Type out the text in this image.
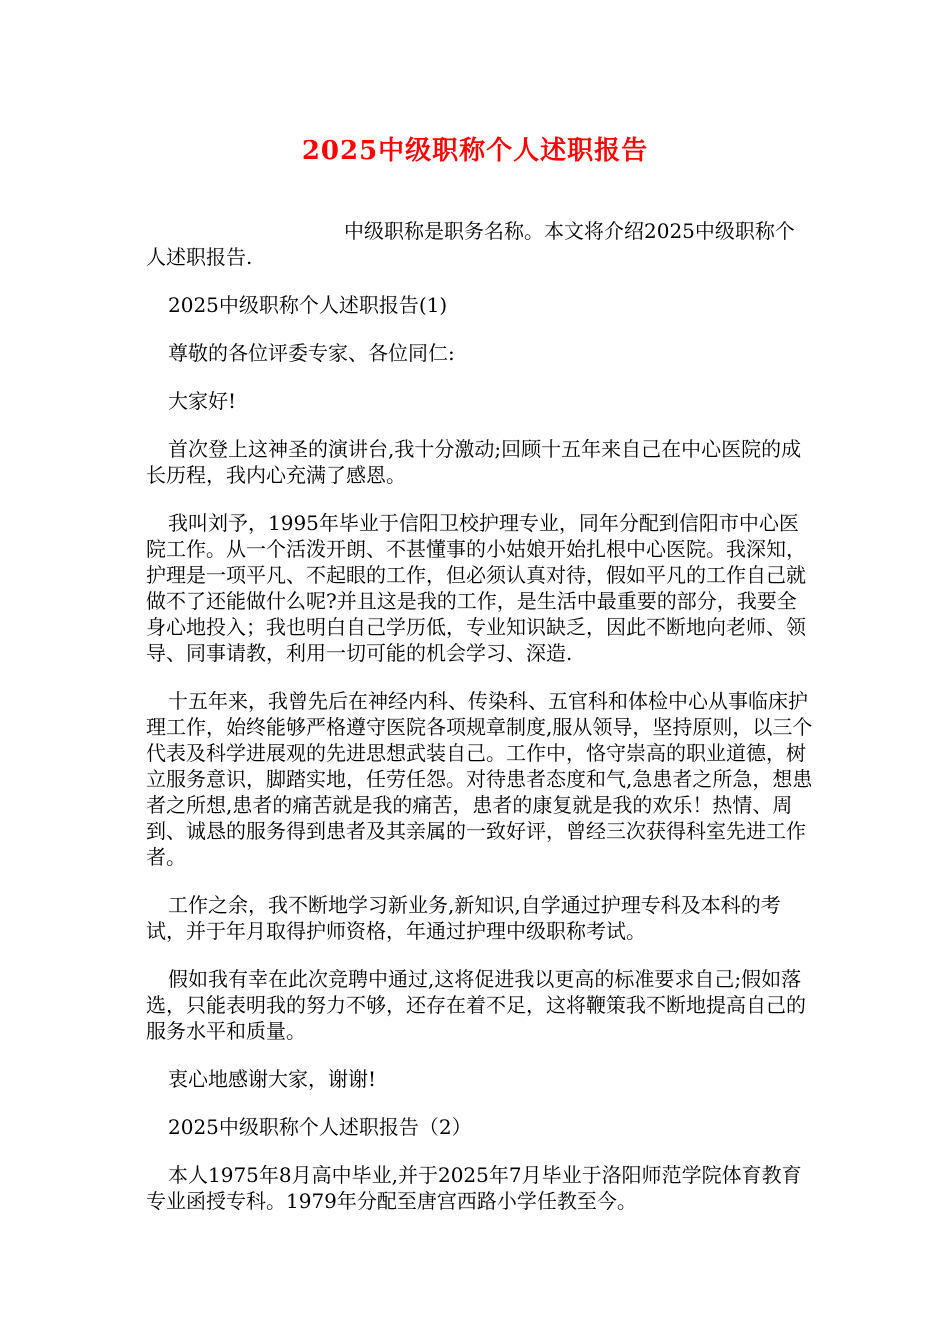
2025中级职称个人述职报告

中级职称是职务名称。本文将介绍2025中级职称个人述职报告.

2025中级职称个人述职报告(1)

尊敬的各位评委专家、各位同仁:

大家好!

首次登上这神圣的演讲台,我十分激动;回顾十五年来自己在中心医院的成长历程，我内心充满了感恩。

我叫刘予，1995年毕业于信阳卫校护理专业，同年分配到信阳市中心医院工作。从一个活泼开朗、不甚懂事的小姑娘开始扎根中心医院。我深知，护理是一项平凡、不起眼的工作，但必须认真对待，假如平凡的工作自己就做不了还能做什么呢?并且这是我的工作，是生活中最重要的部分，我要全身心地投入；我也明白自己学历低，专业知识缺乏，因此不断地向老师、领导、同事请教，利用一切可能的机会学习、深造.

十五年来，我曾先后在神经内科、传染科、五官科和体检中心从事临床护理工作，始终能够严格遵守医院各项规章制度,服从领导，坚持原则，以三个代表及科学进展观的先进思想武装自己。工作中，恪守崇高的职业道德，树立服务意识，脚踏实地，任劳任怨。对待患者态度和气,急患者之所急，想患者之所想,患者的痛苦就是我的痛苦，患者的康复就是我的欢乐！热情、周到、诚恳的服务得到患者及其亲属的一致好评，曾经三次获得科室先进工作者。

工作之余，我不断地学习新业务,新知识,自学通过护理专科及本科的考试，并于年月取得护师资格，年通过护理中级职称考试。

假如我有幸在此次竞聘中通过,这将促进我以更高的标准要求自己;假如落选，只能表明我的努力不够，还存在着不足，这将鞭策我不断地提高自己的服务水平和质量。

衷心地感谢大家，谢谢!

2025中级职称个人述职报告（2）

本人1975年8月高中毕业,并于2025年7月毕业于洛阳师范学院体育教育专业函授专科。1979年分配至唐宫西路小学任教至今。
